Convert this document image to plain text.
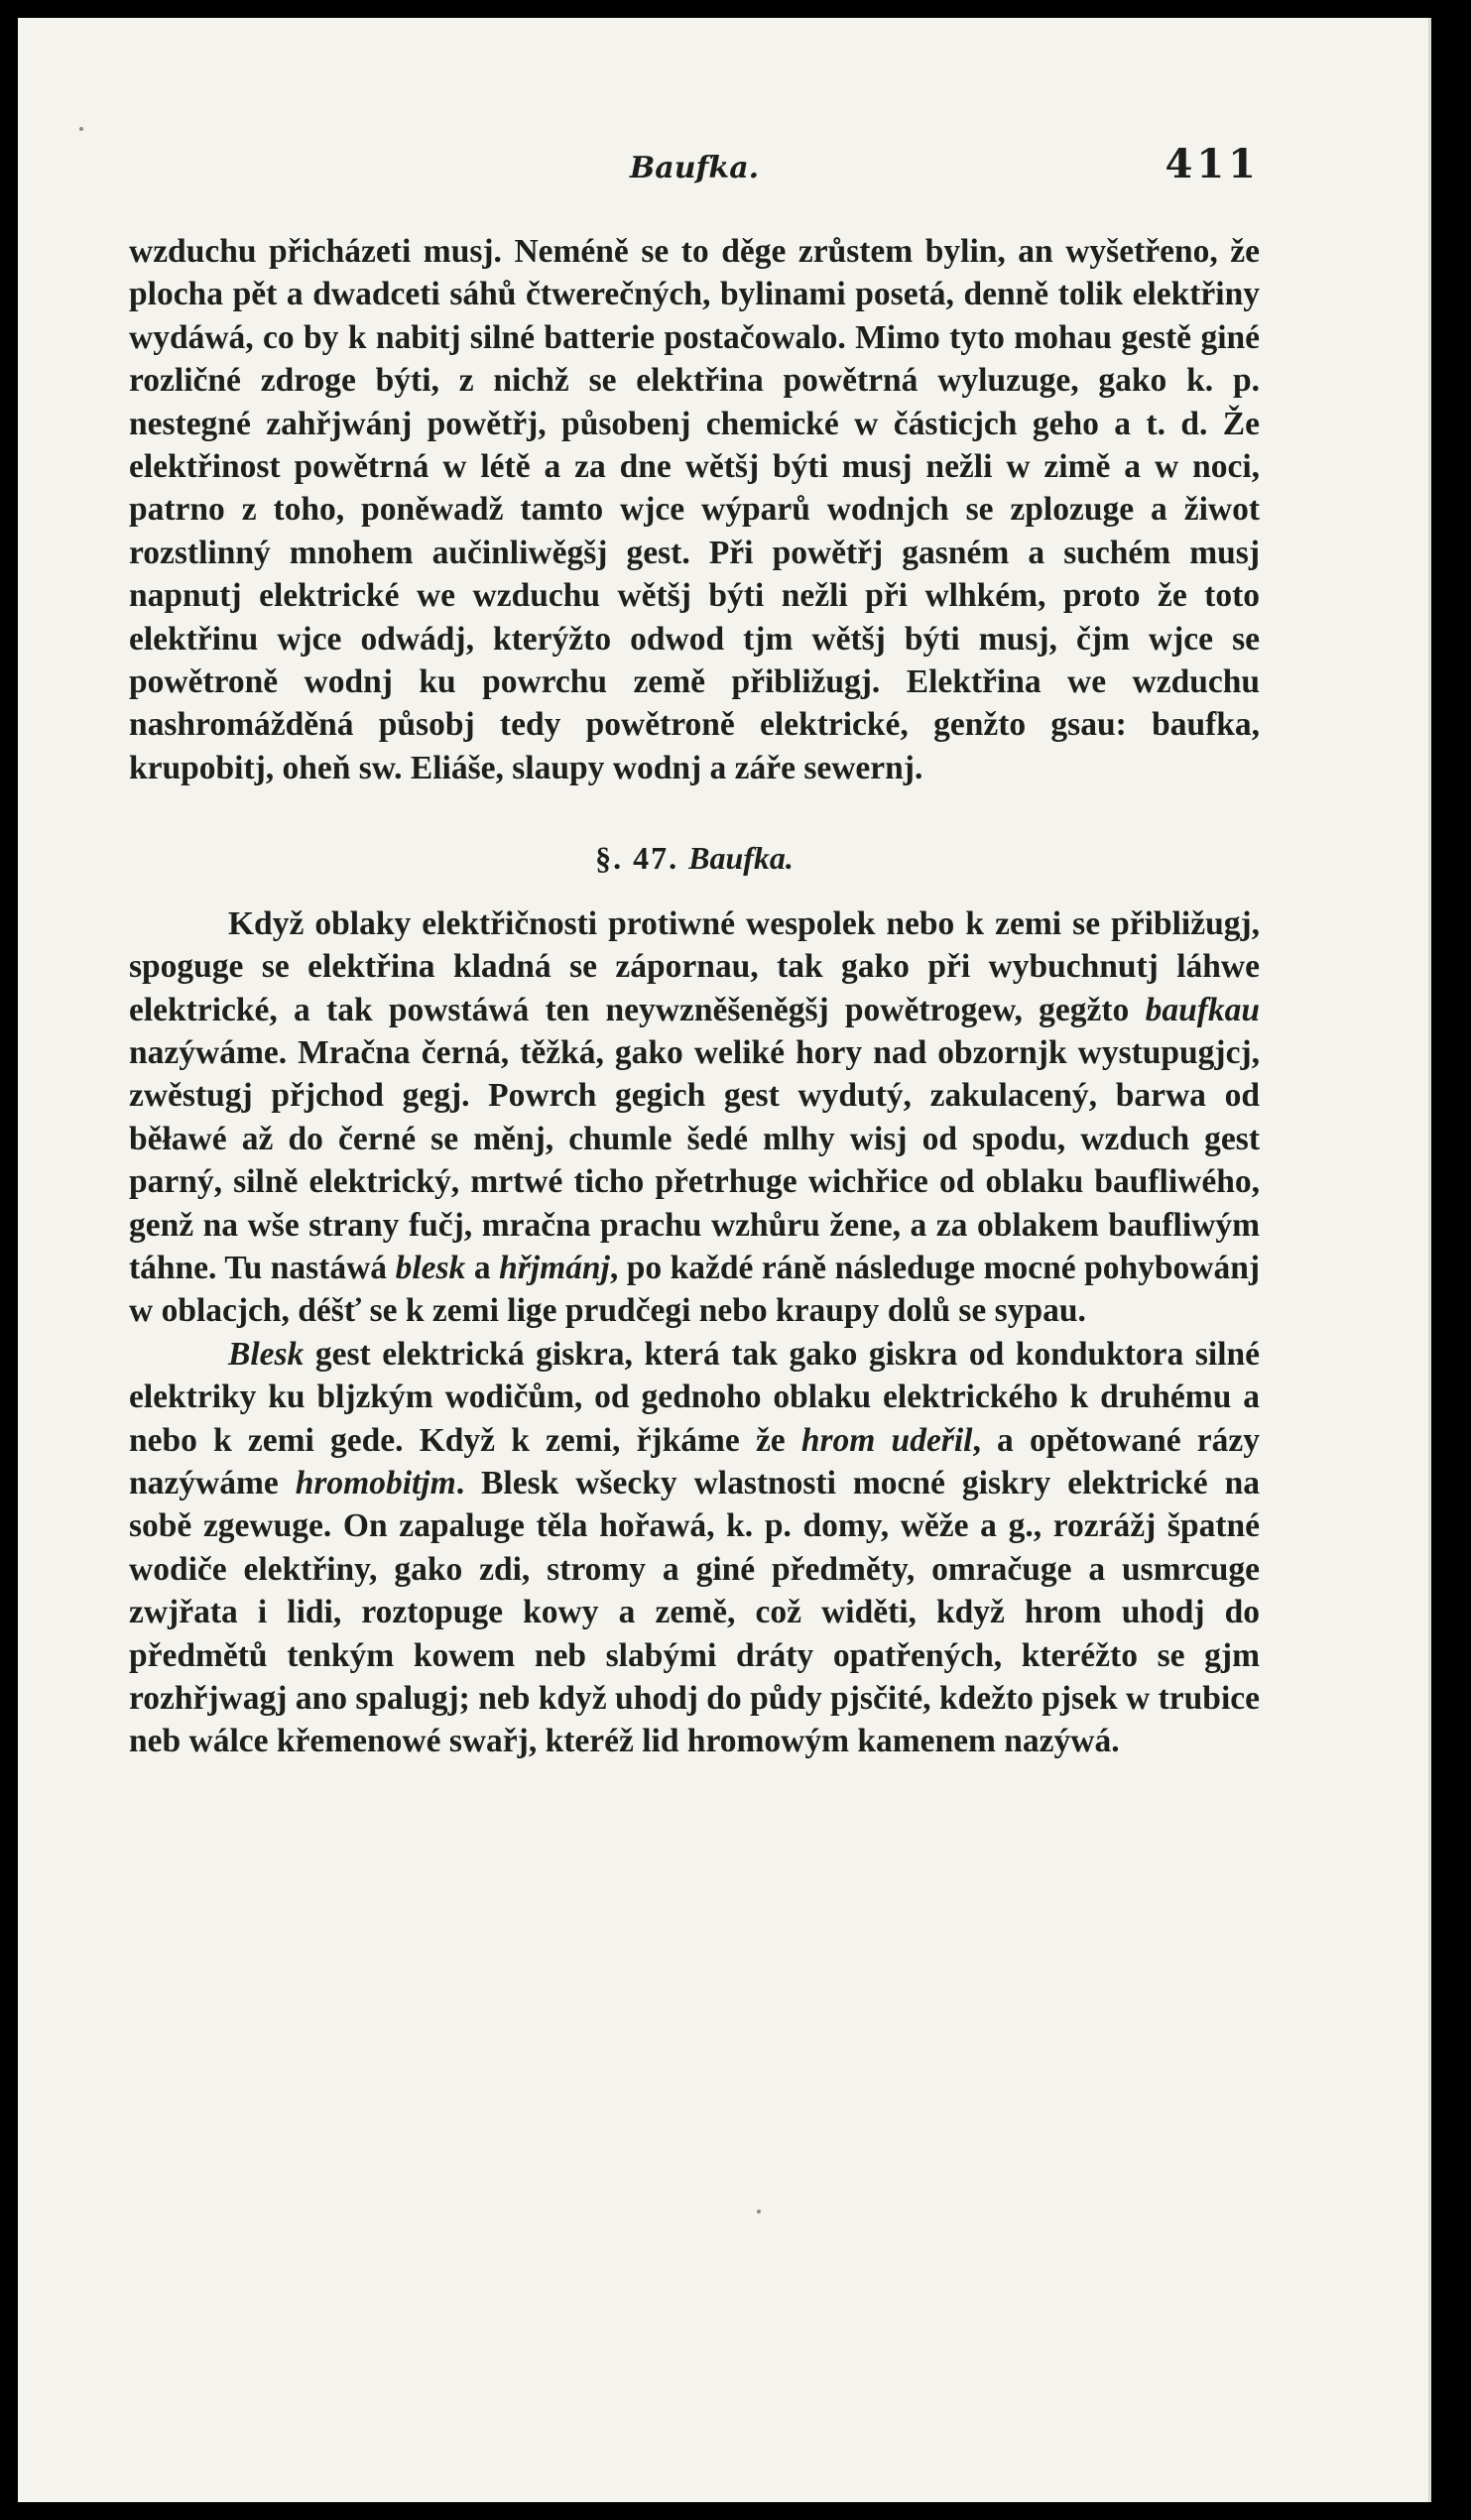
Baufka.	411

wzduchu přicházeti musj. Neméně se to děge zrůstem bylin, an wyšetřeno, že plocha pět a dwadceti sáhů čtwerečných, bylinami posetá, denně tolik elektřiny wydáwá, co by k nabitj silné batterie postačowalo. Mimo tyto mohau gestě giné rozličné zdroge býti, z nichž se elektřina powětrná wyluzuge, gako k. p. nestegné zahřjwánj powětřj, působenj chemické w částicjch geho a t. d. Že elektřinost powětrná w létě a za dne wětšj býti musj nežli w zimě a w noci, patrno z toho, poněwadž tamto wjce wýparů wodnjch se zplozuge a žiwot rozstlinný mnohem aučinliwěgšj gest. Při powětřj gasném a suchém musj napnutj elektrické we wzduchu wětšj býti nežli při wlhkém, proto že toto elektřinu wjce odwádj, kterýžto odwod tjm wětšj býti musj, čjm wjce se powětroně wodnj ku powrchu země přibližugj. Elektřina we wzduchu nashromážděná působj tedy powětroně elektrické, genžto gsau: baufka, krupobitj, oheň sw. Eliáše, slaupy wodnj a záře sewernj.

§. 47. Baufka.

Když oblaky elektřičnosti protiwné wespolek nebo k zemi se přibližugj, spoguge se elektřina kladná se zápornau, tak gako při wybuchnutj láhwe elektrické, a tak powstáwá ten neywzněšeněgšj powětrogew, gegžto baufkau nazýwáme. Mračna černá, těžká, gako weliké hory nad obzornjk wystupugjcj, zwěstugj přjchod gegj. Powrch gegich gest wydutý, zakulacený, barwa od běławé až do černé se měnj, chumle šedé mlhy wisj od spodu, wzduch gest parný, silně elektrický, mrtwé ticho přetrhuge wichřice od oblaku baufliwého, genž na wše strany fučj, mračna prachu wzhůru žene, a za oblakem baufliwým táhne. Tu nastáwá blesk a hřjmánj, po každé ráně následuge mocné pohybowánj w oblacjch, déšť se k zemi lige prudčegi nebo kraupy dolů se sypau.

Blesk gest elektrická giskra, která tak gako giskra od konduktora silné elektriky ku bljzkým wodičům, od gednoho oblaku elektrického k druhému a nebo k zemi gede. Když k zemi, řjkáme že hrom udeřil, a opětowané rázy nazýwáme hromobitjm. Blesk wšecky wlastnosti mocné giskry elektrické na sobě zgewuge. On zapaluge těla hořawá, k. p. domy, wěže a g., rozrážj špatné wodiče elektřiny, gako zdi, stromy a giné předměty, omračuge a usmrcuge zwjřata i lidi, roztopuge kowy a země, což widěti, když hrom uhodj do předmětů tenkým kowem neb slabými dráty opatřených, kteréžto se gjm rozhřjwagj ano spalugj; neb když uhodj do půdy pjsčité, kdežto pjsek w trubice neb wálce křemenowé swařj, kteréž lid hromowým kamenem nazýwá.
